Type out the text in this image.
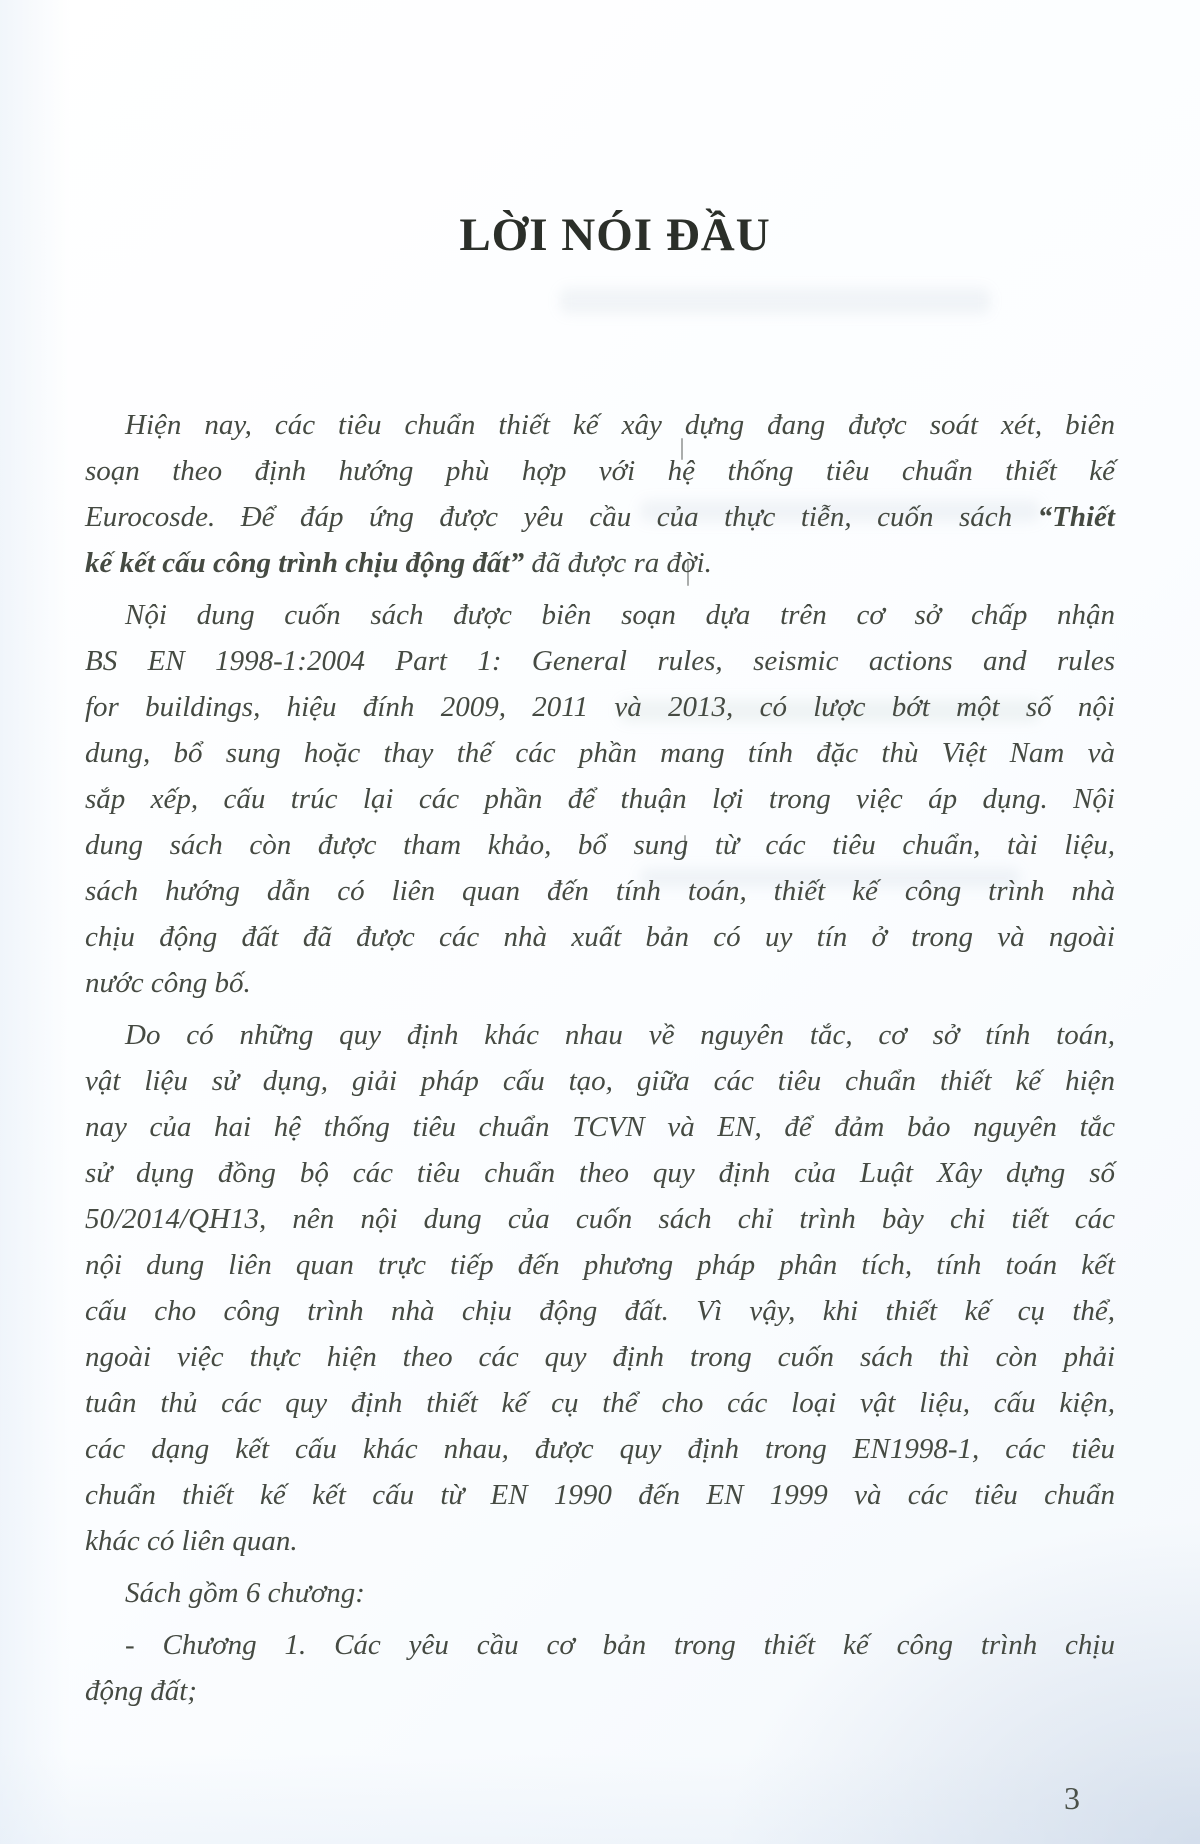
LỜI NÓI ĐẦU
Hiện nay, các tiêu chuẩn thiết kế xây dựng đang được soát xét, biên
soạn theo định hướng phù hợp với hệ thống tiêu chuẩn thiết kế
Eurocosde. Để đáp ứng được yêu cầu của thực tiễn, cuốn sách “Thiết
kế kết cấu công trình chịu động đất” đã được ra đời.
Nội dung cuốn sách được biên soạn dựa trên cơ sở chấp nhận
BS EN 1998-1:2004 Part 1: General rules, seismic actions and rules
for buildings, hiệu đính 2009, 2011 và 2013, có lược bớt một số nội
dung, bổ sung hoặc thay thế các phần mang tính đặc thù Việt Nam và
sắp xếp, cấu trúc lại các phần để thuận lợi trong việc áp dụng. Nội
dung sách còn được tham khảo, bổ sung từ các tiêu chuẩn, tài liệu,
sách hướng dẫn có liên quan đến tính toán, thiết kế công trình nhà
chịu động đất đã được các nhà xuất bản có uy tín ở trong và ngoài
nước công bố.
Do có những quy định khác nhau về nguyên tắc, cơ sở tính toán,
vật liệu sử dụng, giải pháp cấu tạo, giữa các tiêu chuẩn thiết kế hiện
nay của hai hệ thống tiêu chuẩn TCVN và EN, để đảm bảo nguyên tắc
sử dụng đồng bộ các tiêu chuẩn theo quy định của Luật Xây dựng số
50/2014/QH13, nên nội dung của cuốn sách chỉ trình bày chi tiết các
nội dung liên quan trực tiếp đến phương pháp phân tích, tính toán kết
cấu cho công trình nhà chịu động đất. Vì vậy, khi thiết kế cụ thể,
ngoài việc thực hiện theo các quy định trong cuốn sách thì còn phải
tuân thủ các quy định thiết kế cụ thể cho các loại vật liệu, cấu kiện,
các dạng kết cấu khác nhau, được quy định trong EN1998-1, các tiêu
chuẩn thiết kế kết cấu từ EN 1990 đến EN 1999 và các tiêu chuẩn
khác có liên quan.
Sách gồm 6 chương:
- Chương 1. Các yêu cầu cơ bản trong thiết kế công trình chịu
động đất;
3
